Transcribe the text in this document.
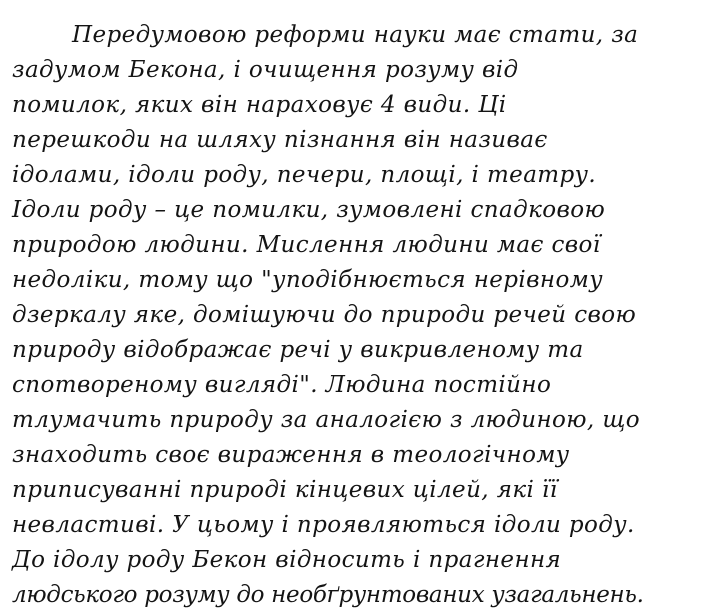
Передумовою реформи науки має стати, за
задумом Бекона, і очищення розуму від
помилок, яких він нараховує 4 види. Ці
перешкоди на шляху пізнання він називає
ідолами, ідоли роду, печери, площі, і театру.
Ідоли роду – це помилки, зумовлені спадковою
природою людини. Мислення людини має свої
недоліки, тому що "уподібнюється нерівному
дзеркалу яке, домішуючи до природи речей свою
природу відображає речі у викривленому та
спотвореному вигляді". Людина постійно
тлумачить природу за аналогією з людиною, що
знаходить своє вираження в теологічному
приписуванні природі кінцевих цілей, які її
невластиві. У цьому і проявляються ідоли роду.
До ідолу роду Бекон відносить і прагнення
людського розуму до необґрунтованих узагальнень.
